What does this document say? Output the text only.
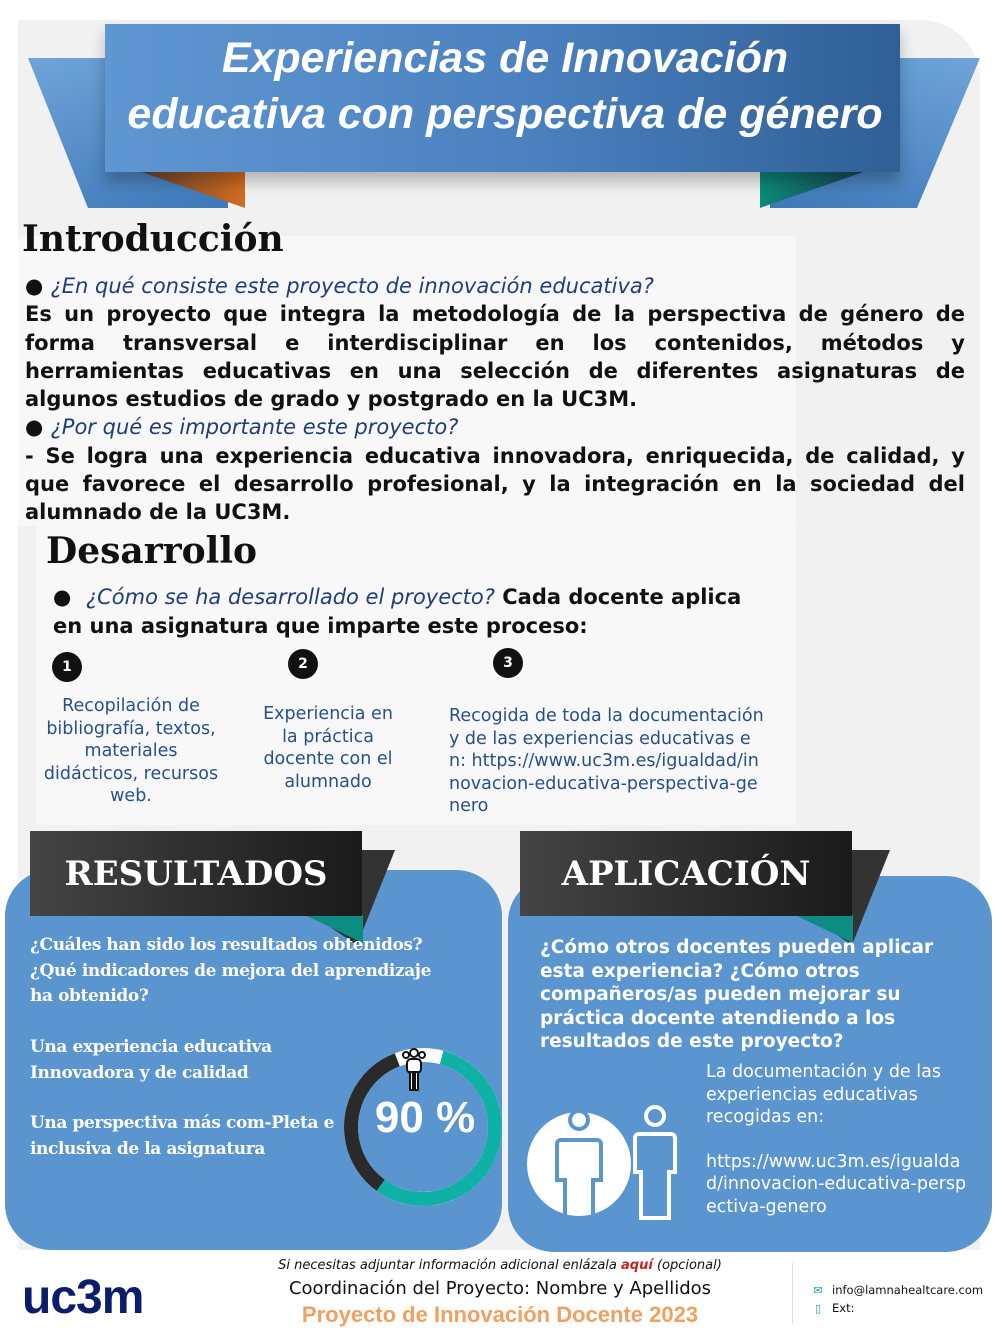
Experiencias de Innovación
educativa con perspectiva de género
Introducción
● ¿En qué consiste este proyecto de innovación educativa?
Es un proyecto que integra la metodología de la perspectiva de género de forma transversal e interdisciplinar en los contenidos, métodos y herramientas educativas en una selección de diferentes asignaturas de algunos estudios de grado y postgrado en la UC3M.
● ¿Por qué es importante este proyecto?
- Se logra una experiencia educativa innovadora, enriquecida, de calidad, y que favorece el desarrollo profesional, y la integración en la sociedad del alumnado de la UC3M.
Desarrollo
●  ¿Cómo se ha desarrollado el proyecto? Cada docente aplica en una asignatura que imparte este proceso:
1	2	3
Recopilación de bibliografía, textos, materiales didácticos, recursos web.
Experiencia en la práctica docente con el alumnado
Recogida de toda la documentación y de las experiencias educativas en: https://www.uc3m.es/igualdad/innovacion-educativa-perspectiva-genero
RESULTADOS
¿Cuáles han sido los resultados obtenidos? ¿Qué indicadores de mejora del aprendizaje ha obtenido?
Una experiencia educativa Innovadora y de calidad
Una perspectiva más com-Pleta e inclusiva de la asignatura
90 %
APLICACIÓN
¿Cómo otros docentes pueden aplicar esta experiencia? ¿Cómo otros compañeros/as pueden mejorar su práctica docente atendiendo a los resultados de este proyecto?
La documentación y de las experiencias educativas recogidas en:
https://www.uc3m.es/igualdad/innovacion-educativa-perspectiva-genero
uc3m
Si necesitas adjuntar información adicional enlázala aquí (opcional)
Coordinación del Proyecto: Nombre y Apellidos
Proyecto de Innovación Docente 2023
✉ info@lamnahealtcare.com
▯ Ext:
